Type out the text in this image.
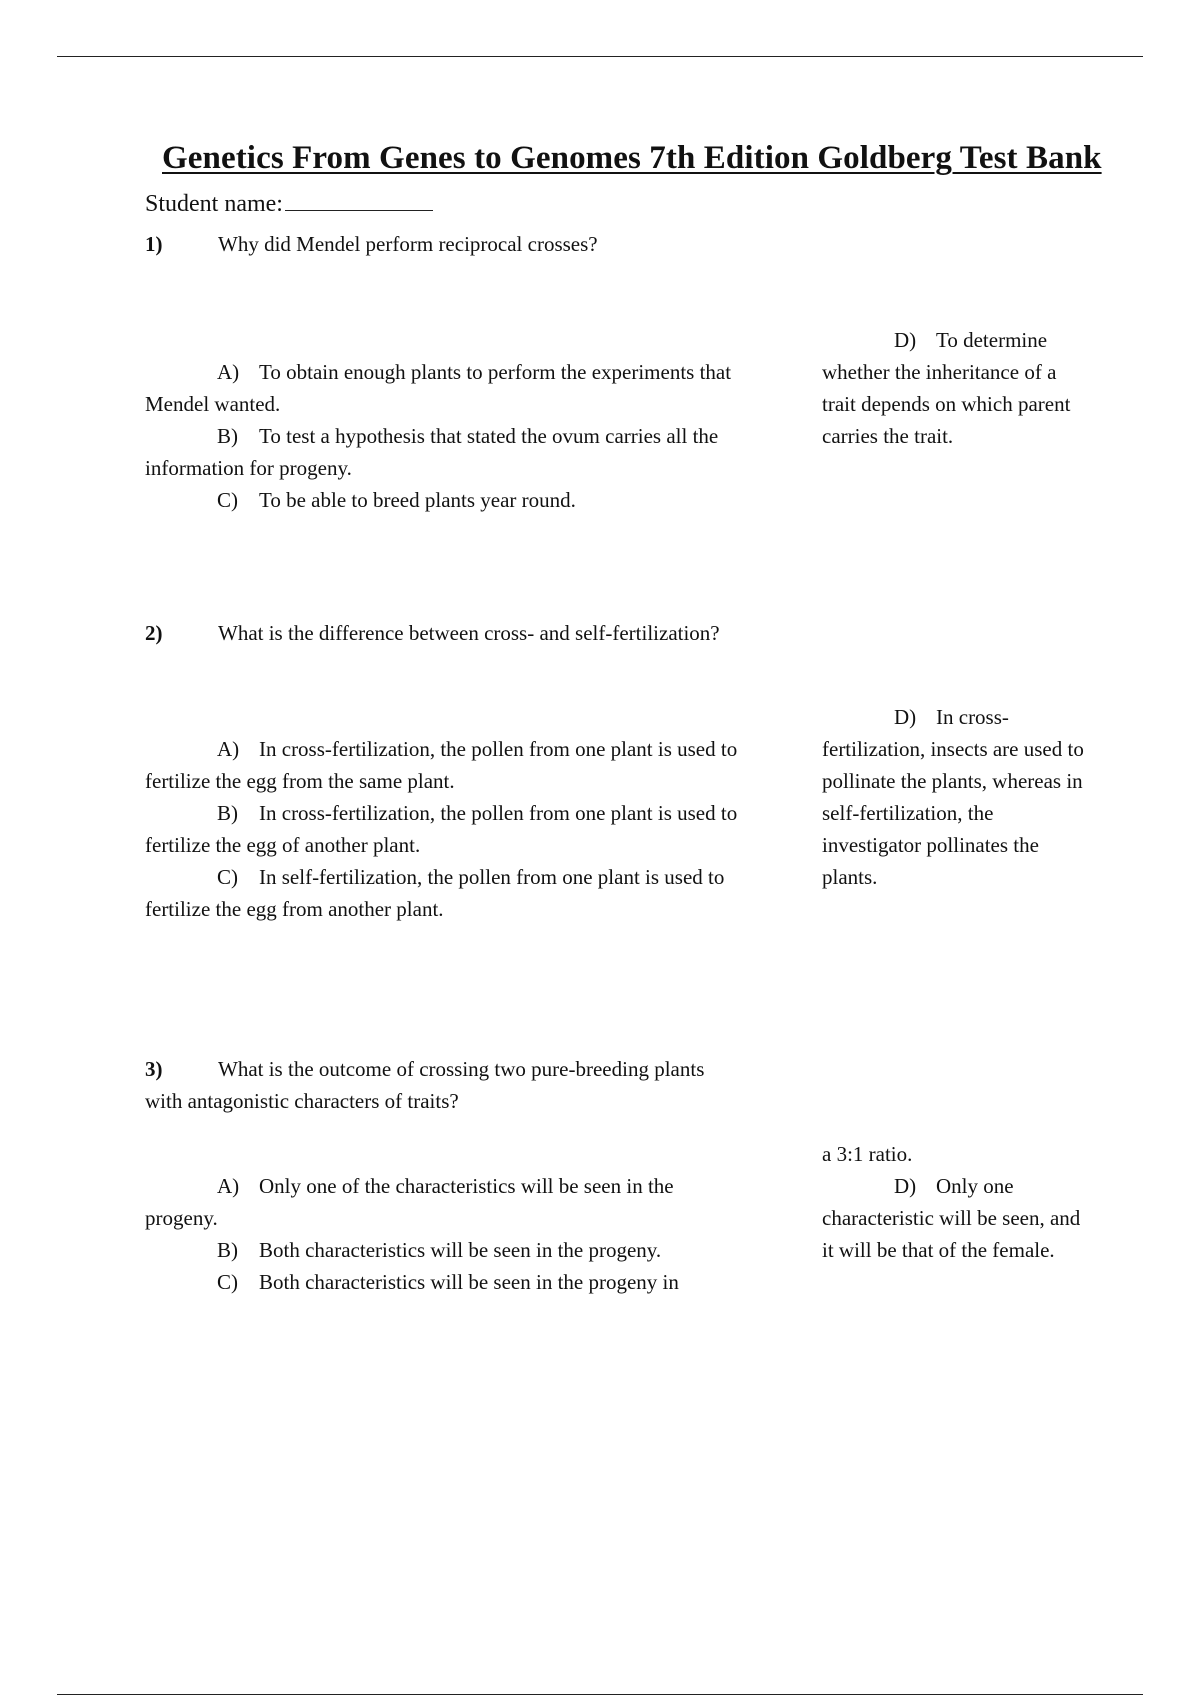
Genetics From Genes to Genomes 7th Edition Goldberg Test Bank
Student name:
1)	Why did Mendel perform reciprocal crosses?
A) To obtain enough plants to perform the experiments that Mendel wanted.
B) To test a hypothesis that stated the ovum carries all the information for progeny.
C) To be able to breed plants year round.
D) To determine whether the inheritance of a trait depends on which parent carries the trait.
2)	What is the difference between cross- and self-fertilization?
A) In cross-fertilization, the pollen from one plant is used to fertilize the egg from the same plant.
B) In cross-fertilization, the pollen from one plant is used to fertilize the egg of another plant.
C) In self-fertilization, the pollen from one plant is used to fertilize the egg from another plant.
D) In cross-fertilization, insects are used to pollinate the plants, whereas in self-fertilization, the investigator pollinates the plants.
3)	What is the outcome of crossing two pure-breeding plants with antagonistic characters of traits?
A) Only one of the characteristics will be seen in the progeny.
B) Both characteristics will be seen in the progeny.
C) Both characteristics will be seen in the progeny in
a 3:1 ratio.
D) Only one characteristic will be seen, and it will be that of the female.
